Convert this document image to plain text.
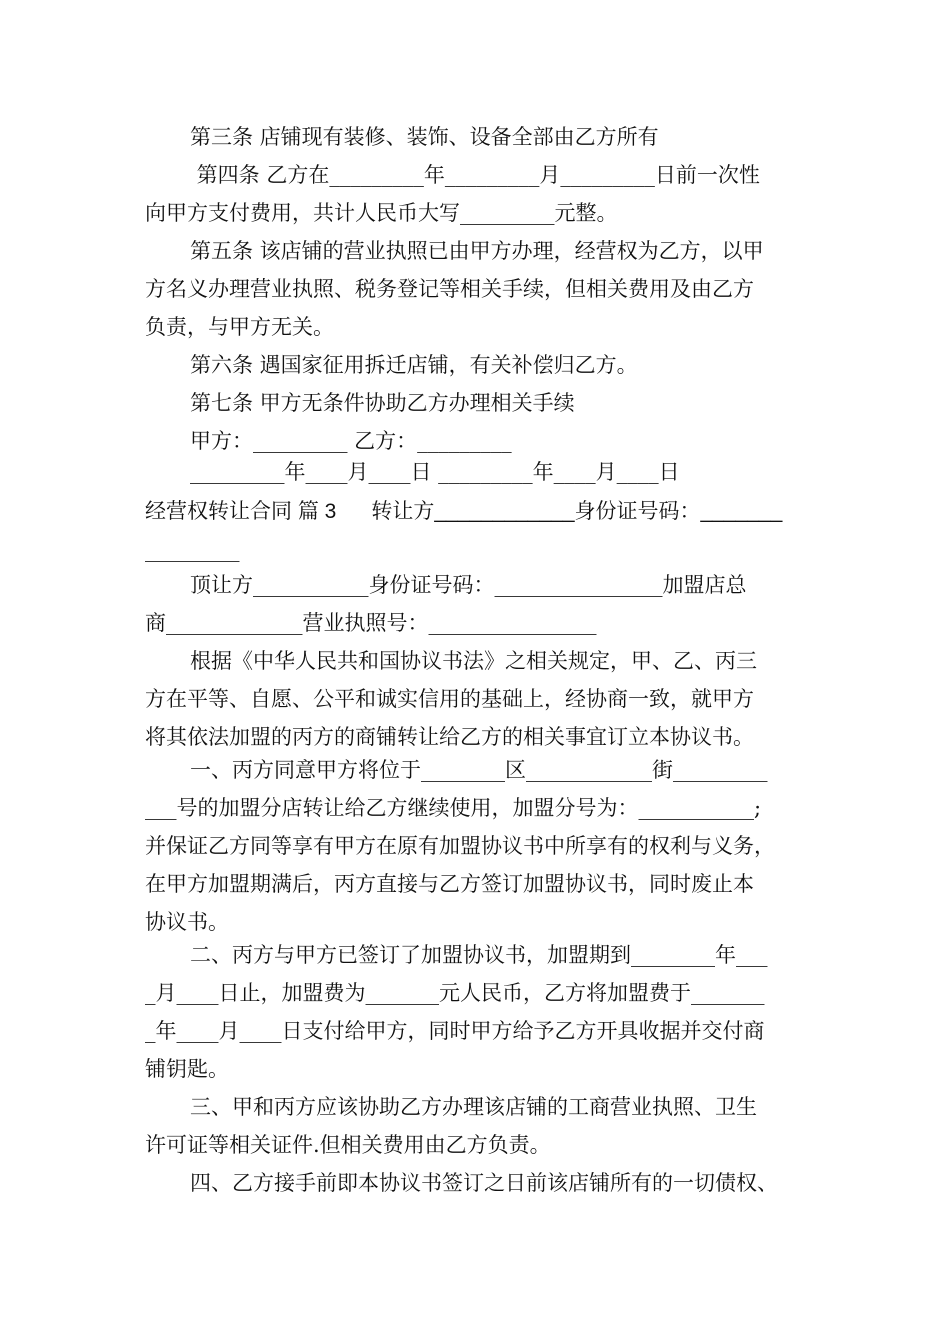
第三条 店铺现有装修、装饰、设备全部由乙方所有
第四条 乙方在_________年_________月_________日前一次性
向甲方支付费用，共计人民币大写_________元整。
第五条 该店铺的营业执照已由甲方办理，经营权为乙方，以甲
方名义办理营业执照、税务登记等相关手续，但相关费用及由乙方
负责，与甲方无关。
第六条 遇国家征用拆迁店铺，有关补偿归乙方。
第七条 甲方无条件协助乙方办理相关手续
甲方：_________ 乙方：_________
_________年____月____日 _________年____月____日
经营权转让合同 篇 3      转让方____________身份证号码：_______
_________
顶让方___________身份证号码：________________加盟店总
商_____________营业执照号：________________
根据《中华人民共和国协议书法》之相关规定，甲、乙、丙三
方在平等、自愿、公平和诚实信用的基础上，经协商一致，就甲方
将其依法加盟的丙方的商铺转让给乙方的相关事宜订立本协议书。
一、丙方同意甲方将位于________区____________街_________
___号的加盟分店转让给乙方继续使用，加盟分号为：___________;
并保证乙方同等享有甲方在原有加盟协议书中所享有的权利与义务，
在甲方加盟期满后，丙方直接与乙方签订加盟协议书，同时废止本
协议书。
二、丙方与甲方已签订了加盟协议书，加盟期到________年___
_月____日止，加盟费为_______元人民币，乙方将加盟费于_______
_年____月____日支付给甲方，同时甲方给予乙方开具收据并交付商
铺钥匙。
三、甲和丙方应该协助乙方办理该店铺的工商营业执照、卫生
许可证等相关证件.但相关费用由乙方负责。
四、乙方接手前即本协议书签订之日前该店铺所有的一切债权、
